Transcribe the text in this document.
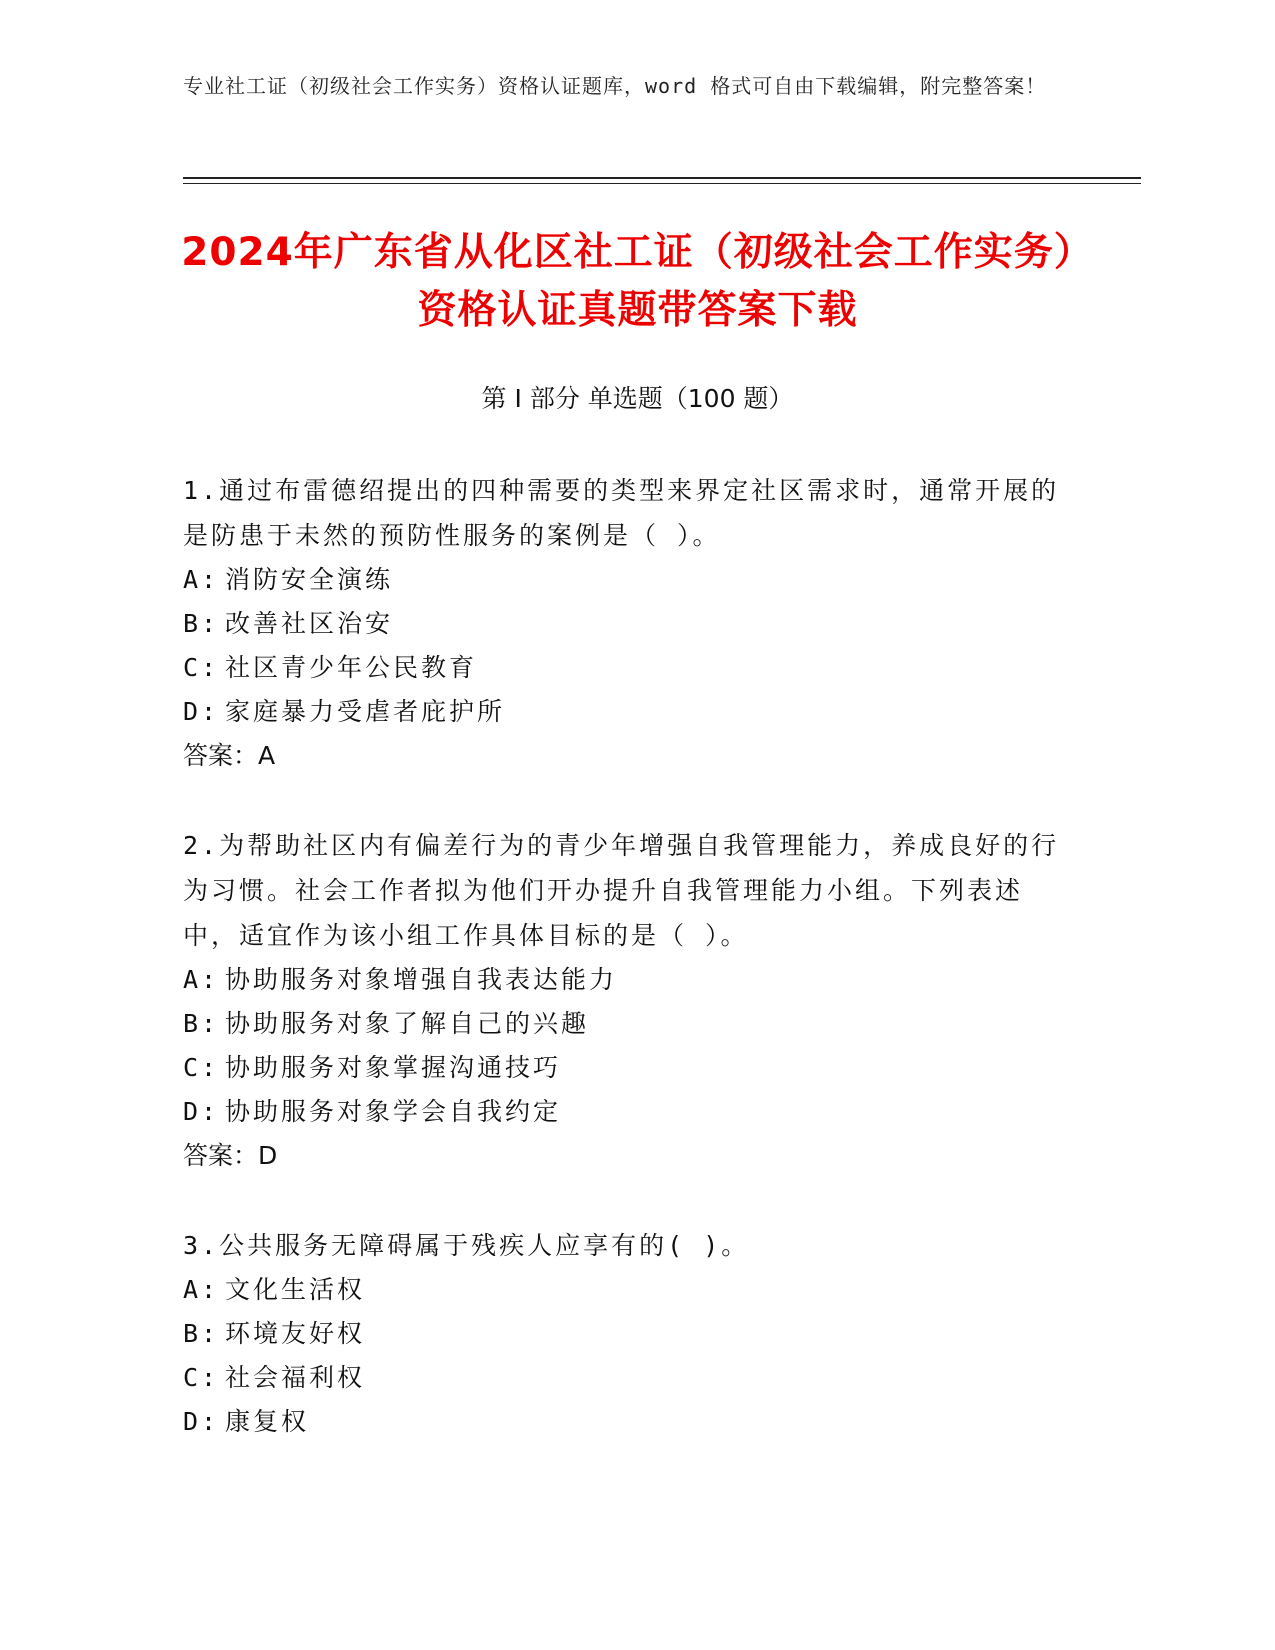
专业社工证（初级社会工作实务）资格认证题库，word 格式可自由下载编辑，附完整答案！
2024年广东省从化区社工证（初级社会工作实务）资格认证真题带答案下载
第 I 部分 单选题（100 题）

1.通过布雷德绍提出的四种需要的类型来界定社区需求时，通常开展的是防患于未然的预防性服务的案例是（ ）。

A: 消防安全演练

B: 改善社区治安

C: 社区青少年公民教育

D: 家庭暴力受虐者庇护所

答案：A

2.为帮助社区内有偏差行为的青少年增强自我管理能力，养成良好的行为习惯。社会工作者拟为他们开办提升自我管理能力小组。下列表述中，适宜作为该小组工作具体目标的是（ ）。

A: 协助服务对象增强自我表达能力

B: 协助服务对象了解自己的兴趣

C: 协助服务对象掌握沟通技巧

D: 协助服务对象学会自我约定

答案：D

3.公共服务无障碍属于残疾人应享有的( )。

A: 文化生活权

B: 环境友好权

C: 社会福利权

D: 康复权
